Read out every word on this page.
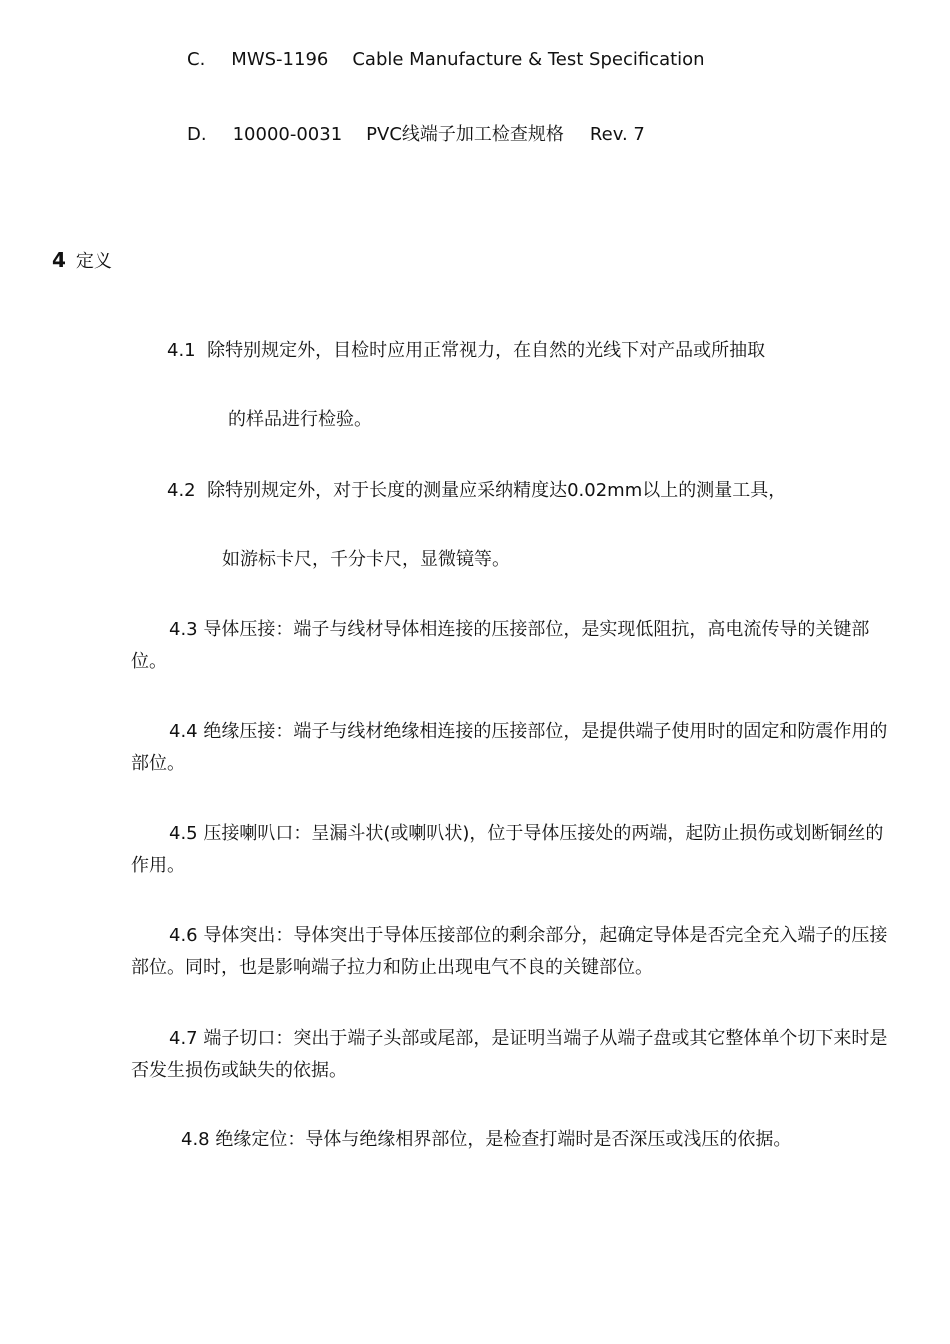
C. MWS-1196 Cable Manufacture & Test Specification
D. 10000-0031 PVC线端子加工检查规格 Rev. 7
4 定义
4.1 除特别规定外，目检时应用正常视力，在自然的光线下对产品或所抽取
的样品进行检验。
4.2 除特别规定外，对于长度的测量应采纳精度达0.02mm以上的测量工具，
如游标卡尺，千分卡尺，显微镜等。
4.3 导体压接：端子与线材导体相连接的压接部位，是实现低阻抗，高电流传导的关键部位。
4.4 绝缘压接：端子与线材绝缘相连接的压接部位，是提供端子使用时的固定和防震作用的部位。
4.5 压接喇叭口：呈漏斗状(或喇叭状)，位于导体压接处的两端，起防止损伤或划断铜丝的作用。
4.6 导体突出：导体突出于导体压接部位的剩余部分，起确定导体是否完全充入端子的压接部位。同时，也是影响端子拉力和防止出现电气不良的关键部位。
4.7 端子切口：突出于端子头部或尾部，是证明当端子从端子盘或其它整体单个切下来时是否发生损伤或缺失的依据。
4.8 绝缘定位：导体与绝缘相界部位，是检查打端时是否深压或浅压的依据。
